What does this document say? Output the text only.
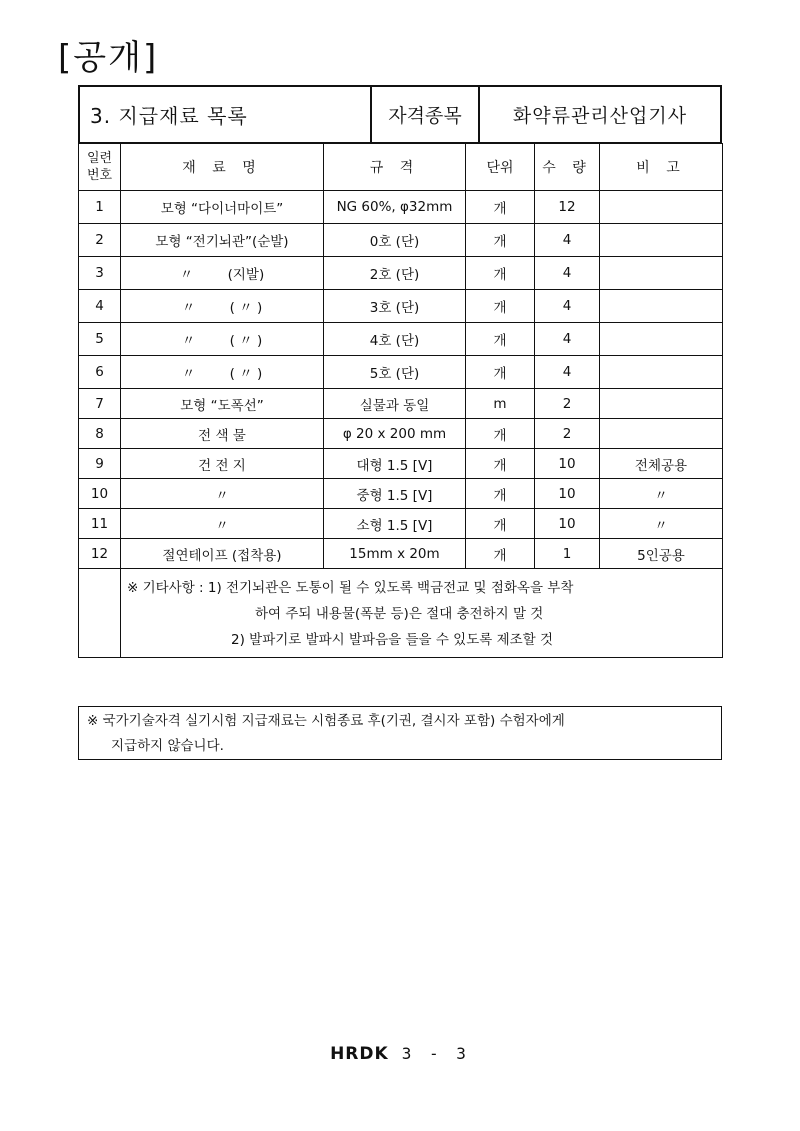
[공개]
3. 지급재료 목록	자격종목	화약류관리산업기사
일련
번호	재 료 명	규 격	단위	수 량	비 고
1	모형 “다이너마이트”	NG 60%, φ32mm	개	12	
2	모형 “전기뇌관”(순발)	0호 (단)	개	4	
3	〃        (지발)	2호 (단)	개	4	
4	〃        ( 〃 )	3호 (단)	개	4	
5	〃        ( 〃 )	4호 (단)	개	4	
6	〃        ( 〃 )	5호 (단)	개	4	
7	모형 “도폭선”	실물과 동일	m	2	
8	전 색 물	φ 20 x 200 mm	개	2	
9	건 전 지	대형 1.5 [V]	개	10	전체공용
10	〃	중형 1.5 [V]	개	10	〃
11	〃	소형 1.5 [V]	개	10	〃
12	절연테이프 (접착용)	15mm x 20m	개	1	5인공용

	※ 기타사항 : 1) 전기뇌관은 도통이 될 수 있도록 백금전교 및 점화옥을 부착
하여 주되 내용물(폭분 등)은 절대 충전하지 말 것
2) 발파기로 발파시 발파음을 들을 수 있도록 제조할 것				
※ 국가기술자격 실기시험 지급재료는 시험종료 후(기권, 결시자 포함) 수험자에게
지급하지 않습니다.
HRDK 3 - 3
